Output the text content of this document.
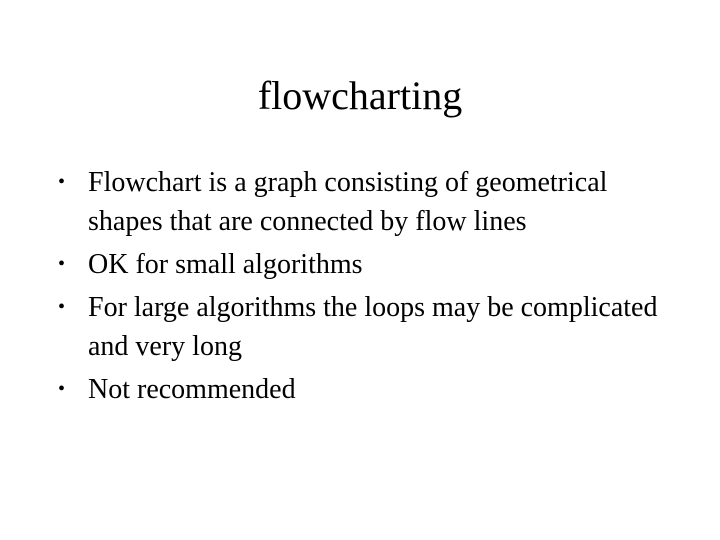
flowcharting
• Flowchart is a graph consisting of geometrical shapes that are connected by flow lines
• OK for small algorithms
• For large algorithms the loops may be complicated and very long
• Not recommended
